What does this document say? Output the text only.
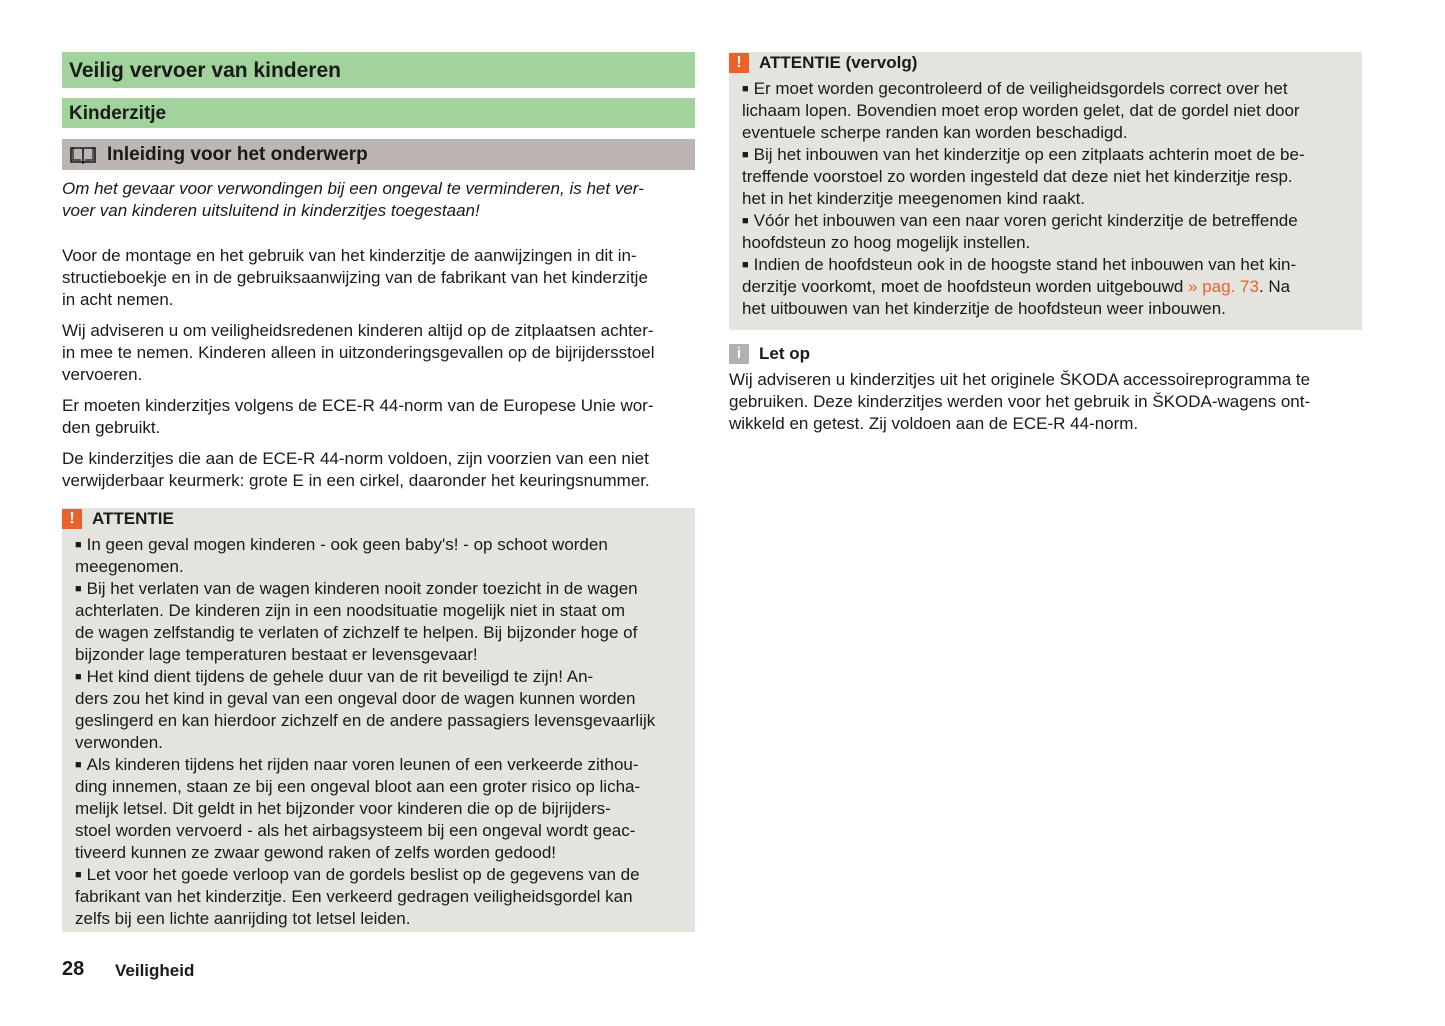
Veilig vervoer van kinderen
Kinderzitje
Inleiding voor het onderwerp
Om het gevaar voor verwondingen bij een ongeval te verminderen, is het ver-
voer van kinderen uitsluitend in kinderzitjes toegestaan!
Voor de montage en het gebruik van het kinderzitje de aanwijzingen in dit in-
structieboekje en in de gebruiksaanwijzing van de fabrikant van het kinderzitje
in acht nemen.
Wij adviseren u om veiligheidsredenen kinderen altijd op de zitplaatsen achter-
in mee te nemen. Kinderen alleen in uitzonderingsgevallen op de bijrijdersstoel
vervoeren.
Er moeten kinderzitjes volgens de ECE-R 44-norm van de Europese Unie wor-
den gebruikt.
De kinderzitjes die aan de ECE-R 44-norm voldoen, zijn voorzien van een niet
verwijderbaar keurmerk: grote E in een cirkel, daaronder het keuringsnummer.
!	ATTENTIE
■ In geen geval mogen kinderen - ook geen baby's! - op schoot worden
meegenomen.
■ Bij het verlaten van de wagen kinderen nooit zonder toezicht in de wagen
achterlaten. De kinderen zijn in een noodsituatie mogelijk niet in staat om
de wagen zelfstandig te verlaten of zichzelf te helpen. Bij bijzonder hoge of
bijzonder lage temperaturen bestaat er levensgevaar!
■ Het kind dient tijdens de gehele duur van de rit beveiligd te zijn! An-
ders zou het kind in geval van een ongeval door de wagen kunnen worden
geslingerd en kan hierdoor zichzelf en de andere passagiers levensgevaarlijk
verwonden.
■ Als kinderen tijdens het rijden naar voren leunen of een verkeerde zithou-
ding innemen, staan ze bij een ongeval bloot aan een groter risico op licha-
melijk letsel. Dit geldt in het bijzonder voor kinderen die op de bijrijders-
stoel worden vervoerd - als het airbagsysteem bij een ongeval wordt geac-
tiveerd kunnen ze zwaar gewond raken of zelfs worden gedood!
■ Let voor het goede verloop van de gordels beslist op de gegevens van de
fabrikant van het kinderzitje. Een verkeerd gedragen veiligheidsgordel kan
zelfs bij een lichte aanrijding tot letsel leiden.
!	ATTENTIE (vervolg)
■ Er moet worden gecontroleerd of de veiligheidsgordels correct over het
lichaam lopen. Bovendien moet erop worden gelet, dat de gordel niet door
eventuele scherpe randen kan worden beschadigd.
■ Bij het inbouwen van het kinderzitje op een zitplaats achterin moet de be-
treffende voorstoel zo worden ingesteld dat deze niet het kinderzitje resp.
het in het kinderzitje meegenomen kind raakt.
■ Vóór het inbouwen van een naar voren gericht kinderzitje de betreffende
hoofdsteun zo hoog mogelijk instellen.
■ Indien de hoofdsteun ook in de hoogste stand het inbouwen van het kin-
derzitje voorkomt, moet de hoofdsteun worden uitgebouwd » pag. 73. Na
het uitbouwen van het kinderzitje de hoofdsteun weer inbouwen.
i	Let op
Wij adviseren u kinderzitjes uit het originele ŠKODA accessoireprogramma te
gebruiken. Deze kinderzitjes werden voor het gebruik in ŠKODA-wagens ont-
wikkeld en getest. Zij voldoen aan de ECE-R 44-norm.
28 Veiligheid
